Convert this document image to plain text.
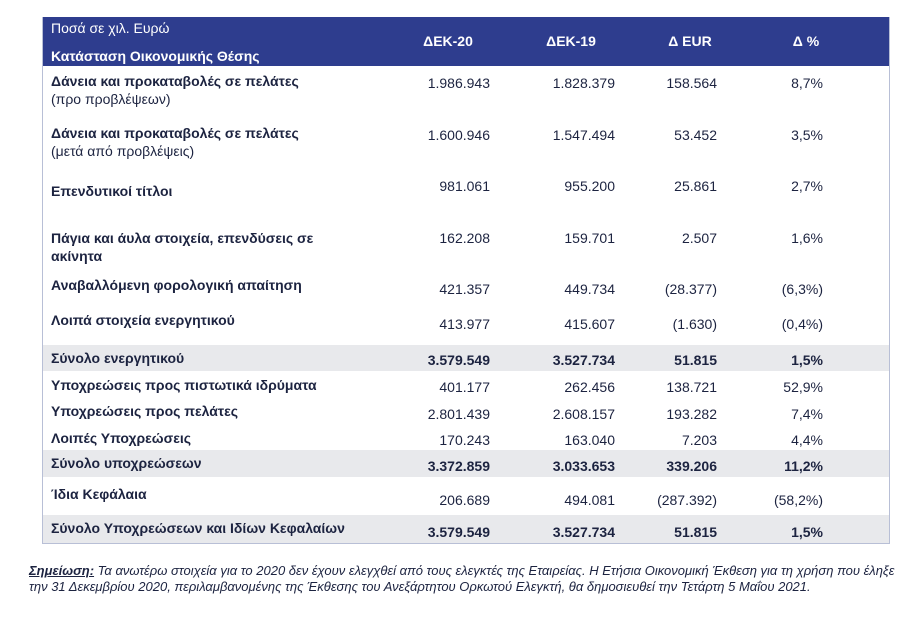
Ποσά σε χιλ. Ευρώ
Κατάσταση Οικονομικής Θέσης
ΔΕΚ-20	ΔΕΚ-19	Δ EUR	Δ %
Δάνεια και προκαταβολές σε πελάτες
(προ προβλέψεων)
1.986.943	1.828.379	158.564	8,7%
Δάνεια και προκαταβολές σε πελάτες
(μετά από προβλέψεις)
1.600.946	1.547.494	53.452	3,5%
Επενδυτικοί τίτλοι	981.061	955.200	25.861	2,7%
Πάγια και άυλα στοιχεία, επενδύσεις σε
ακίνητα
162.208	159.701	2.507	1,6%
Αναβαλλόμενη φορολογική απαίτηση	421.357	449.734	(28.377)	(6,3%)
Λοιπά στοιχεία ενεργητικού	413.977	415.607	(1.630)	(0,4%)
Σύνολο ενεργητικού	3.579.549	3.527.734	51.815	1,5%
Υποχρεώσεις προς πιστωτικά ιδρύματα	401.177	262.456	138.721	52,9%
Υποχρεώσεις προς πελάτες	2.801.439	2.608.157	193.282	7,4%
Λοιπές Υποχρεώσεις	170.243	163.040	7.203	4,4%
Σύνολο υποχρεώσεων	3.372.859	3.033.653	339.206	11,2%
Ίδια Κεφάλαια	206.689	494.081	(287.392)	(58,2%)
Σύνολο Υποχρεώσεων και Ιδίων Κεφαλαίων	3.579.549	3.527.734	51.815	1,5%
Σημείωση: Τα ανωτέρω στοιχεία για το 2020 δεν έχουν ελεγχθεί από τους ελεγκτές της Εταιρείας. Η Ετήσια Οικονομική Έκθεση για τη χρήση που έληξε την 31 Δεκεμβρίου 2020, περιλαμβανομένης της Έκθεσης του Ανεξάρτητου Ορκωτού Ελεγκτή, θα δημοσιευθεί την Τετάρτη 5 Μαΐου 2021.
